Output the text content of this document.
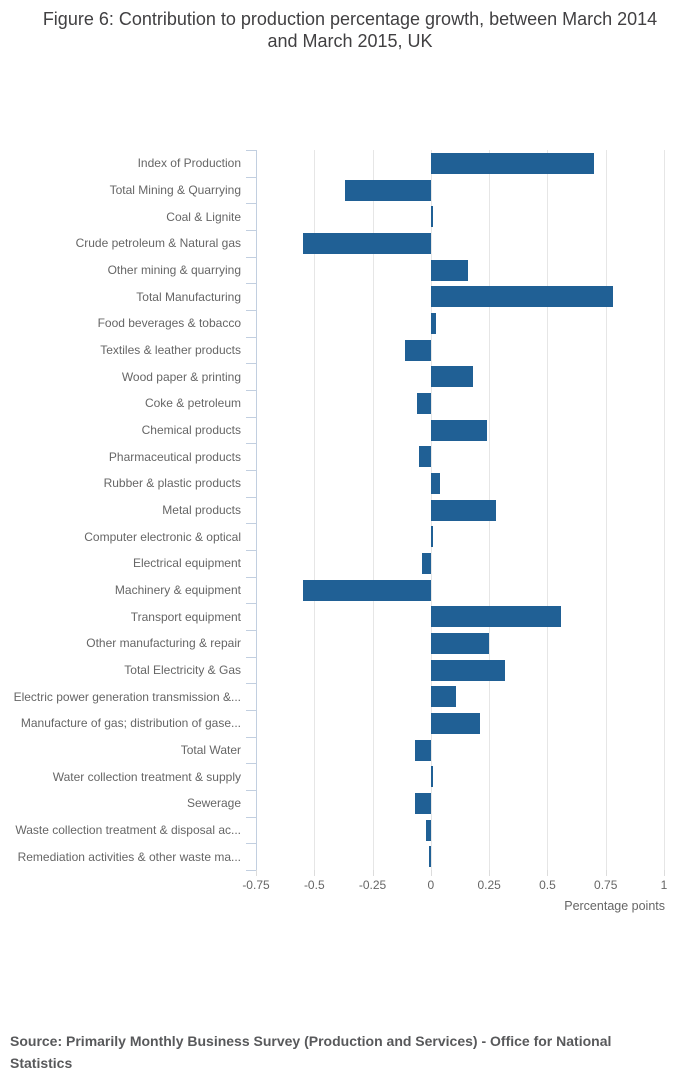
Figure 6: Contribution to production percentage growth, between March 2014 and March 2015, UK
Index of Production
Total Mining & Quarrying
Coal & Lignite
Crude petroleum & Natural gas
Other mining & quarrying
Total Manufacturing
Food beverages & tobacco
Textiles & leather products
Wood paper & printing
Coke & petroleum
Chemical products
Pharmaceutical products
Rubber & plastic products
Metal products
Computer electronic & optical
Electrical equipment
Machinery & equipment
Transport equipment
Other manufacturing & repair
Total Electricity & Gas
Electric power generation transmission &...
Manufacture of gas; distribution of gase...
Total Water
Water collection treatment & supply
Sewerage
Waste collection treatment & disposal ac...
Remediation activities & other waste ma...
-0.75	-0.5	-0.25	0	0.25	0.5	0.75	1
Percentage points

Source: Primarily Monthly Business Survey (Production and Services) - Office for National Statistics
